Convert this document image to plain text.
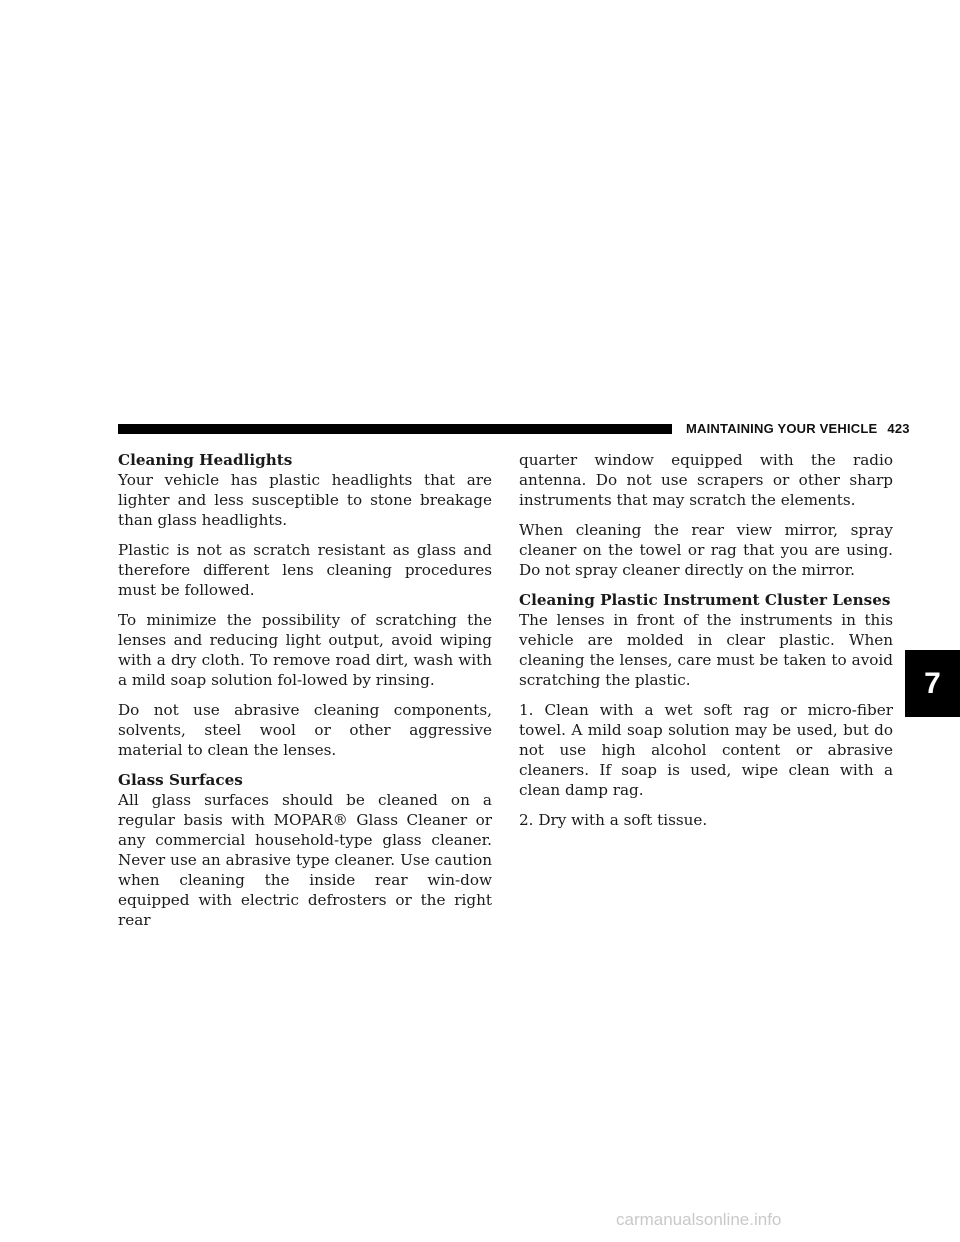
MAINTAINING YOUR VEHICLE 423
Cleaning Headlights

Your vehicle has plastic headlights that are lighter and less susceptible to stone breakage than glass headlights.

Plastic is not as scratch resistant as glass and therefore different lens cleaning procedures must be followed.

To minimize the possibility of scratching the lenses and reducing light output, avoid wiping with a dry cloth. To remove road dirt, wash with a mild soap solution fol-lowed by rinsing.

Do not use abrasive cleaning components, solvents, steel wool or other aggressive material to clean the lenses.

Glass Surfaces

All glass surfaces should be cleaned on a regular basis with MOPAR® Glass Cleaner or any commercial household-type glass cleaner. Never use an abrasive type cleaner. Use caution when cleaning the inside rear win-dow equipped with electric defrosters or the right rear

quarter window equipped with the radio antenna. Do not use scrapers or other sharp instruments that may scratch the elements.

When cleaning the rear view mirror, spray cleaner on the towel or rag that you are using. Do not spray cleaner directly on the mirror.

Cleaning Plastic Instrument Cluster Lenses

The lenses in front of the instruments in this vehicle are molded in clear plastic. When cleaning the lenses, care must be taken to avoid scratching the plastic.

1. Clean with a wet soft rag or micro-fiber towel. A mild soap solution may be used, but do not use high alcohol content or abrasive cleaners. If soap is used, wipe clean with a clean damp rag.

2. Dry with a soft tissue.

7
carmanualsonline.info
